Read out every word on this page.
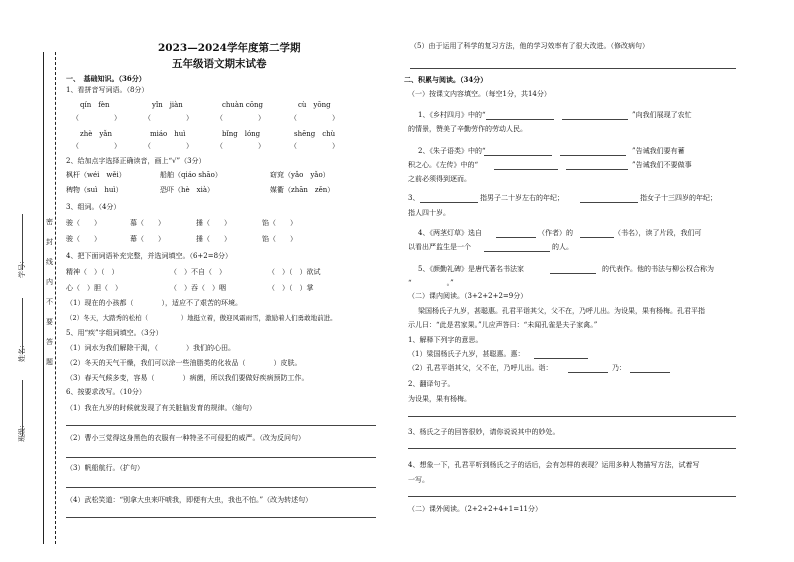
班级：
姓名：
学号：
密
封
线
内
不
要
答
题
2023—2024学年度第二学期
五年级语文期末试卷
一、　基础知识。（36分）
1、看拼音写词语。（8分）
qín　fèn	yǐn　jiàn	chuàn cōng	cù　yōng
（　　　　　）	（　　　　　）	（　　　　　）	（　　　　　）
zhè　yǎn	miáo　huì	bǐng　lóng	shēng　chù
（　　　　　）	（　　　　　）	（　　　　　）	（　　　　　）
2、给加点字选择正确读音，画上“√”（3分）
枫杆（wéi　wěi）	船舶（qiáo shāo）	窈窕（yǎo　yǎo）
稗物（suì　huì）	恐吓（hè　xià）	媒衢（zhān　zěn）
3、组词。（4分）
骏（　　）	慕（　　）	捶（　　）	馅（　　）
骏（　　）	幕（　　）	捶（　　）	馅（　　）
4、把下面词语补充完整，并选词填空。（6+2=8分）
精神（　）（　）	（　）不自（　）	（　）（　）欲试
心（　）胆（　）	（　）吞（　）咽	（　）（　）掌
（1）现在的小孩都（　　　　），适应不了艰苦的环境。
（2）冬天，大踏秀的松柏（　　　　　）地挺立着，傲迎风霜雨雪，激励着人们勇敢地前进。
5、用“疾”字组词填空。（3分）
（1）词水为我们解除干渴，（　　　　）我们的心田。
（2）冬天的天气干燥，我们可以涂一些油脂类的化妆品（　　　　）皮肤。
（3）春天气候多变，容易（　　　　）病菌，所以我们要做好疾病预防工作。
6、按要求改写。（10分）
（1）我在九岁的时候就发现了有关脏脑发育的规律。（缩句）
（2）曹小三觉得这身黑色的衣服有一种特圣不可侵犯的威严。（改为反问句）
（3）帆船航行。（扩句）
（4）武松笑道：“别拿大虫来吓唬我，即便有大虫，我也不怕。”（改为转述句）
（5）由于运用了科学的复习方法，他的学习效率有了很大改进。（修改病句）
二、积累与阅读。（34分）
（一）按课文内容填空。（每空1分，共14分）
1、《乡村四月》中的“	”向我们展现了农忙
的情景，赞美了辛勤劳作的劳动人民。
2、《朱子语类》中的“	”告诫我们要有蓄
积之心。《左传》中的“	”告诫我们不要做事
之前必须得到逐而。
3、	指男子二十岁左右的年纪；	指女子十三四岁的年纪；
指人四十岁。
4、《两茎灯草》选自	（作者）的	（书名），读了片段，我们可
以看出严监生是一个	的人。
5、《颜勤礼碑》是唐代著名书法家	的代表作。他的书法与柳公权合称为
“　　　　　。”
（二）课内阅读。（3+2+2+2=9分）
梁国杨氏子九岁，甚聪惠。孔君平诣其父，父不在，乃呼儿出。为设果，果有杨梅。孔君平指
示儿曰：“此是君家果。”儿应声答曰：“未闻孔雀是夫子家禽。”
1、解释下列字的意思。
（1）梁国杨氏子九岁，甚聪惠。惠：
（2）孔君平诣其父，父不在，乃呼儿出。诣：	乃：
2、翻译句子。
为设果，果有杨梅。
3、杨氏之子的回答很妙，请你说说其中的妙处。
4、想象一下，孔君平听到杨氏之子的话后，会有怎样的表现？运用多种人物描写方法，试着写
一写。
（二）课外阅读。（2+2+2+4+1=11分）
